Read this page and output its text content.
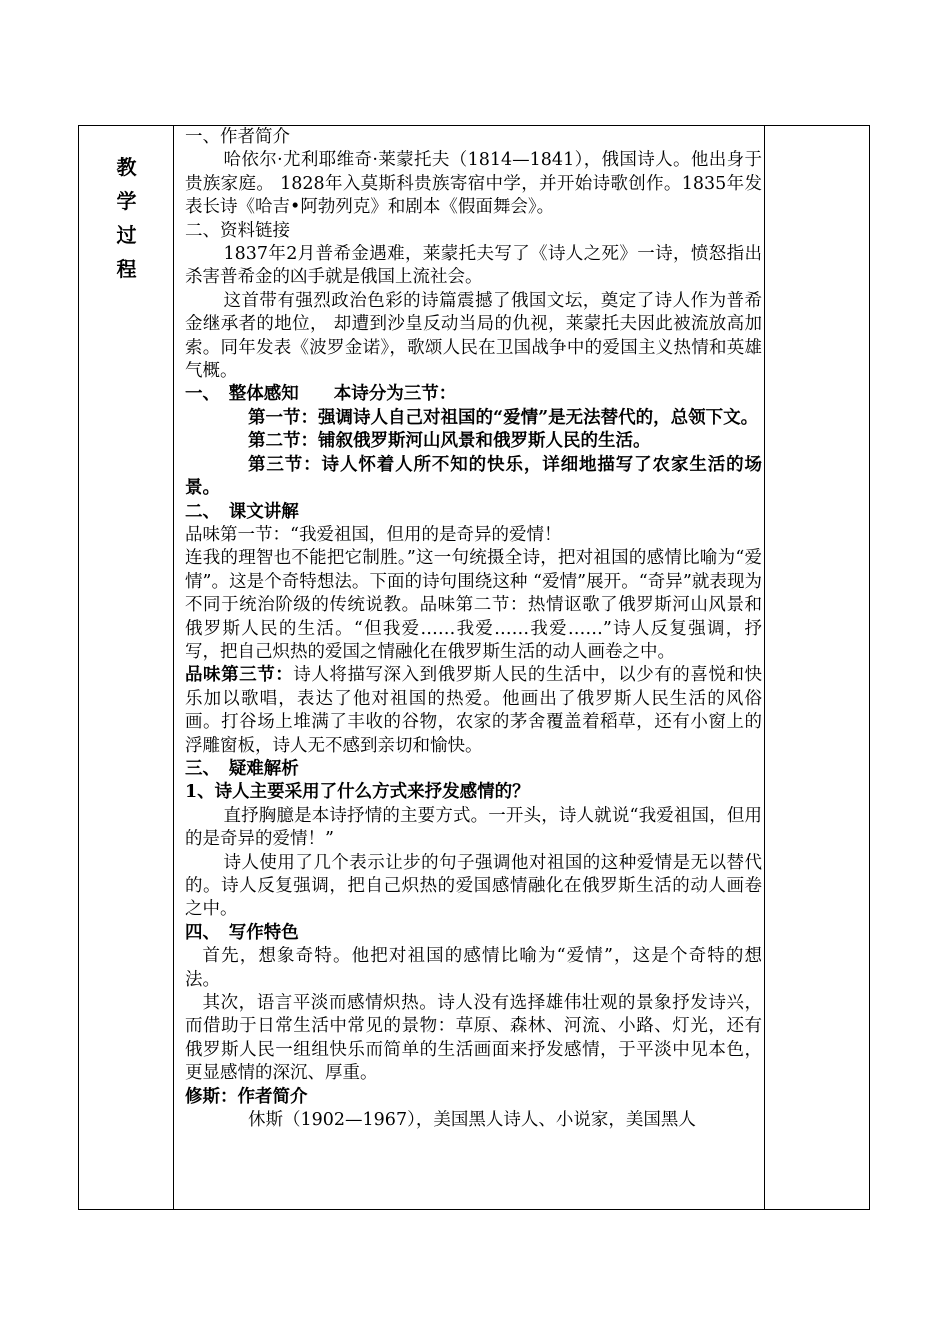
教
学
过
程

一、作者简介

哈依尔·尤利耶维奇·莱蒙托夫（1814—1841），俄国诗人。他出身于贵族家庭。 1828年入莫斯科贵族寄宿中学，并开始诗歌创作。1835年发表长诗《哈吉•阿勃列克》和剧本《假面舞会》。

二、资料链接

1837年2月普希金遇难，莱蒙托夫写了《诗人之死》一诗，愤怒指出杀害普希金的凶手就是俄国上流社会。

这首带有强烈政治色彩的诗篇震撼了俄国文坛，奠定了诗人作为普希金继承者的地位， 却遭到沙皇反动当局的仇视，莱蒙托夫因此被流放高加索。同年发表《波罗金诺》，歌颂人民在卫国战争中的爱国主义热情和英雄气概。

一、　整体感知　　本诗分为三节：

第一节：强调诗人自己对祖国的“爱情”是无法替代的，总领下文。

第二节：铺叙俄罗斯河山风景和俄罗斯人民的生活。

第三节：诗人怀着人所不知的快乐，详细地描写了农家生活的场景。

二、　课文讲解

品味第一节：“我爱祖国，但用的是奇异的爱情！

连我的理智也不能把它制胜。”这一句统摄全诗，把对祖国的感情比喻为“爱情”。这是个奇特想法。下面的诗句围绕这种 “爱情”展开。“奇异”就表现为不同于统治阶级的传统说教。品味第二节：热情讴歌了俄罗斯河山风景和俄罗斯人民的生活。“但我爱……我爱……我爱……”诗人反复强调，抒写，把自己炽热的爱国之情融化在俄罗斯生活的动人画卷之中。

品味第三节：诗人将描写深入到俄罗斯人民的生活中，以少有的喜悦和快乐加以歌唱，表达了他对祖国的热爱。他画出了俄罗斯人民生活的风俗画。打谷场上堆满了丰收的谷物，农家的茅舍覆盖着稻草，还有小窗上的浮雕窗板，诗人无不感到亲切和愉快。

三、　疑难解析

1、诗人主要采用了什么方式来抒发感情的？

直抒胸臆是本诗抒情的主要方式。一开头，诗人就说“我爱祖国，但用的是奇异的爱情！”

诗人使用了几个表示让步的句子强调他对祖国的这种爱情是无以替代的。诗人反复强调，把自己炽热的爱国感情融化在俄罗斯生活的动人画卷之中。

四、　写作特色

首先，想象奇特。他把对祖国的感情比喻为“爱情”，这是个奇特的想法。

其次，语言平淡而感情炽热。诗人没有选择雄伟壮观的景象抒发诗兴，而借助于日常生活中常见的景物：草原、森林、河流、小路、灯光，还有俄罗斯人民一组组快乐而简单的生活画面来抒发感情，于平淡中见本色，更显感情的深沉、厚重。

修斯：作者简介

休斯（1902—1967），美国黑人诗人、小说家，美国黑人
